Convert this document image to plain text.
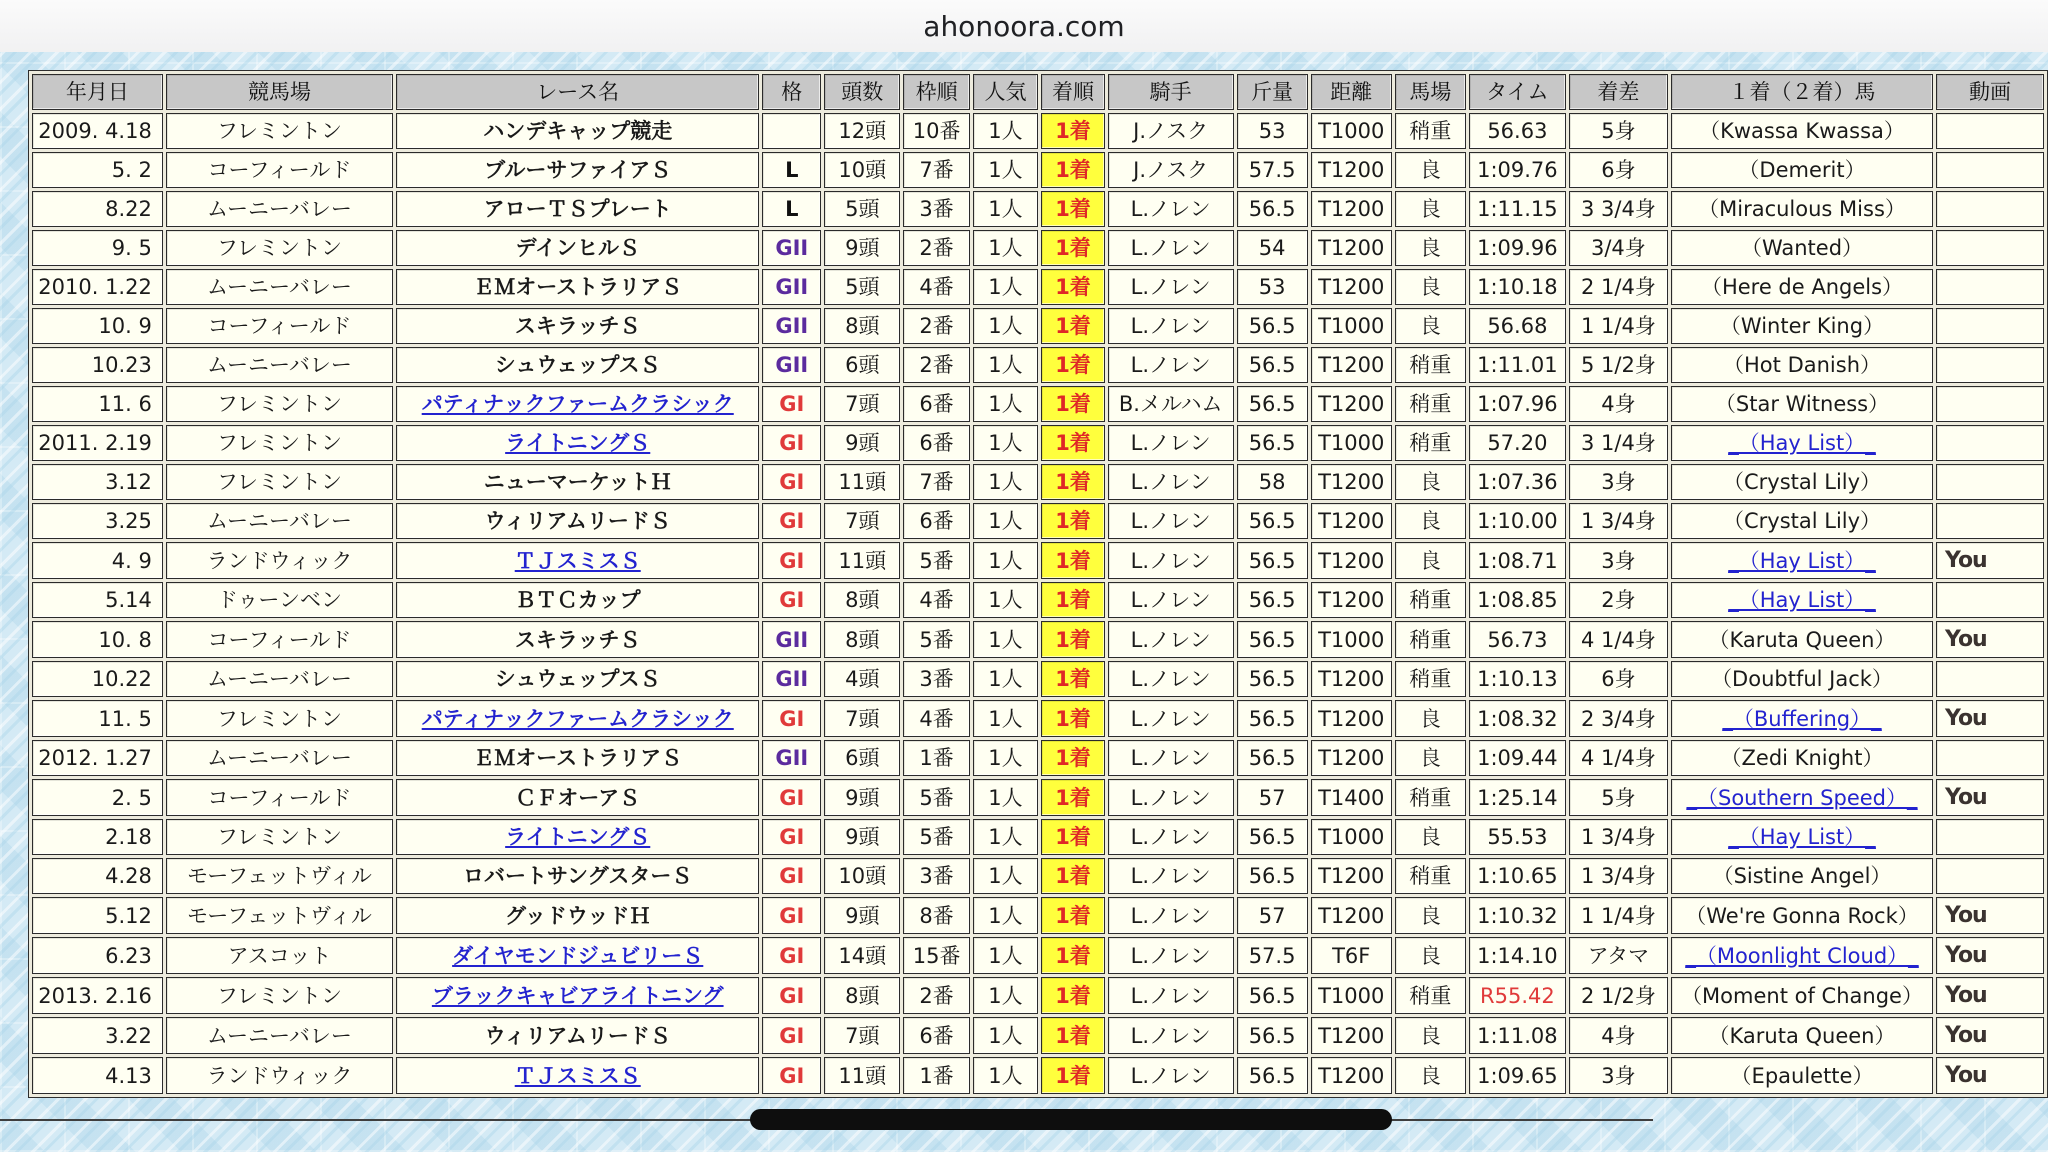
ahonoora.com
年月日	競馬場	レース名	格	頭数	枠順	人気	着順	騎手	斤量	距離	馬場	タイム	着差	１着（２着）馬	動画
2009. 4.18	フレミントン	ハンデキャップ競走		12頭	10番	1人	1着	J.ノスク	53	T1000	稍重	56.63	5身	（Kwassa Kwassa）	
5. 2	コーフィールド	ブルーサファイアＳ	L	10頭	7番	1人	1着	J.ノスク	57.5	T1200	良	1:09.76	6身	（Demerit）	
8.22	ムーニーバレー	アローＴＳプレート	L	5頭	3番	1人	1着	L.ノレン	56.5	T1200	良	1:11.15	3 3/4身	（Miraculous Miss）	
9. 5	フレミントン	デインヒルＳ	GII	9頭	2番	1人	1着	L.ノレン	54	T1200	良	1:09.96	3/4身	（Wanted）	
2010. 1.22	ムーニーバレー	ＥＭオーストラリアＳ	GII	5頭	4番	1人	1着	L.ノレン	53	T1200	良	1:10.18	2 1/4身	（Here de Angels）	
10. 9	コーフィールド	スキラッチＳ	GII	8頭	2番	1人	1着	L.ノレン	56.5	T1000	良	56.68	1 1/4身	（Winter King）	
10.23	ムーニーバレー	シュウェップスＳ	GII	6頭	2番	1人	1着	L.ノレン	56.5	T1200	稍重	1:11.01	5 1/2身	（Hot Danish）	
11. 6	フレミントン	パティナックファームクラシック	GI	7頭	6番	1人	1着	B.メルハム	56.5	T1200	稍重	1:07.96	4身	（Star Witness）	
2011. 2.19	フレミントン	ライトニングＳ	GI	9頭	6番	1人	1着	L.ノレン	56.5	T1000	稍重	57.20	3 1/4身	_（Hay List）_	
3.12	フレミントン	ニューマーケットＨ	GI	11頭	7番	1人	1着	L.ノレン	58	T1200	良	1:07.36	3身	（Crystal Lily）	
3.25	ムーニーバレー	ウィリアムリードＳ	GI	7頭	6番	1人	1着	L.ノレン	56.5	T1200	良	1:10.00	1 3/4身	（Crystal Lily）	
4. 9	ランドウィック	ＴＪスミスＳ	GI	11頭	5番	1人	1着	L.ノレン	56.5	T1200	良	1:08.71	3身	_（Hay List）_	You
5.14	ドゥーンベン	ＢＴＣカップ	GI	8頭	4番	1人	1着	L.ノレン	56.5	T1200	稍重	1:08.85	2身	_（Hay List）_	
10. 8	コーフィールド	スキラッチＳ	GII	8頭	5番	1人	1着	L.ノレン	56.5	T1000	稍重	56.73	4 1/4身	（Karuta Queen）	You
10.22	ムーニーバレー	シュウェップスＳ	GII	4頭	3番	1人	1着	L.ノレン	56.5	T1200	稍重	1:10.13	6身	（Doubtful Jack）	
11. 5	フレミントン	パティナックファームクラシック	GI	7頭	4番	1人	1着	L.ノレン	56.5	T1200	良	1:08.32	2 3/4身	_（Buffering）_	You
2012. 1.27	ムーニーバレー	ＥＭオーストラリアＳ	GII	6頭	1番	1人	1着	L.ノレン	56.5	T1200	良	1:09.44	4 1/4身	（Zedi Knight）	
2. 5	コーフィールド	ＣＦオーアＳ	GI	9頭	5番	1人	1着	L.ノレン	57	T1400	稍重	1:25.14	5身	_（Southern Speed）_	You
2.18	フレミントン	ライトニングＳ	GI	9頭	5番	1人	1着	L.ノレン	56.5	T1000	良	55.53	1 3/4身	_（Hay List）_	
4.28	モーフェットヴィル	ロバートサングスターＳ	GI	10頭	3番	1人	1着	L.ノレン	56.5	T1200	稍重	1:10.65	1 3/4身	（Sistine Angel）	
5.12	モーフェットヴィル	グッドウッドＨ	GI	9頭	8番	1人	1着	L.ノレン	57	T1200	良	1:10.32	1 1/4身	（We're Gonna Rock）	You
6.23	アスコット	ダイヤモンドジュビリーＳ	GI	14頭	15番	1人	1着	L.ノレン	57.5	T6F	良	1:14.10	アタマ	_（Moonlight Cloud）_	You
2013. 2.16	フレミントン	ブラックキャビアライトニング	GI	8頭	2番	1人	1着	L.ノレン	56.5	T1000	稍重	R55.42	2 1/2身	（Moment of Change）	You
3.22	ムーニーバレー	ウィリアムリードＳ	GI	7頭	6番	1人	1着	L.ノレン	56.5	T1200	良	1:11.08	4身	（Karuta Queen）	You
4.13	ランドウィック	ＴＪスミスＳ	GI	11頭	1番	1人	1着	L.ノレン	56.5	T1200	良	1:09.65	3身	（Epaulette）	You
